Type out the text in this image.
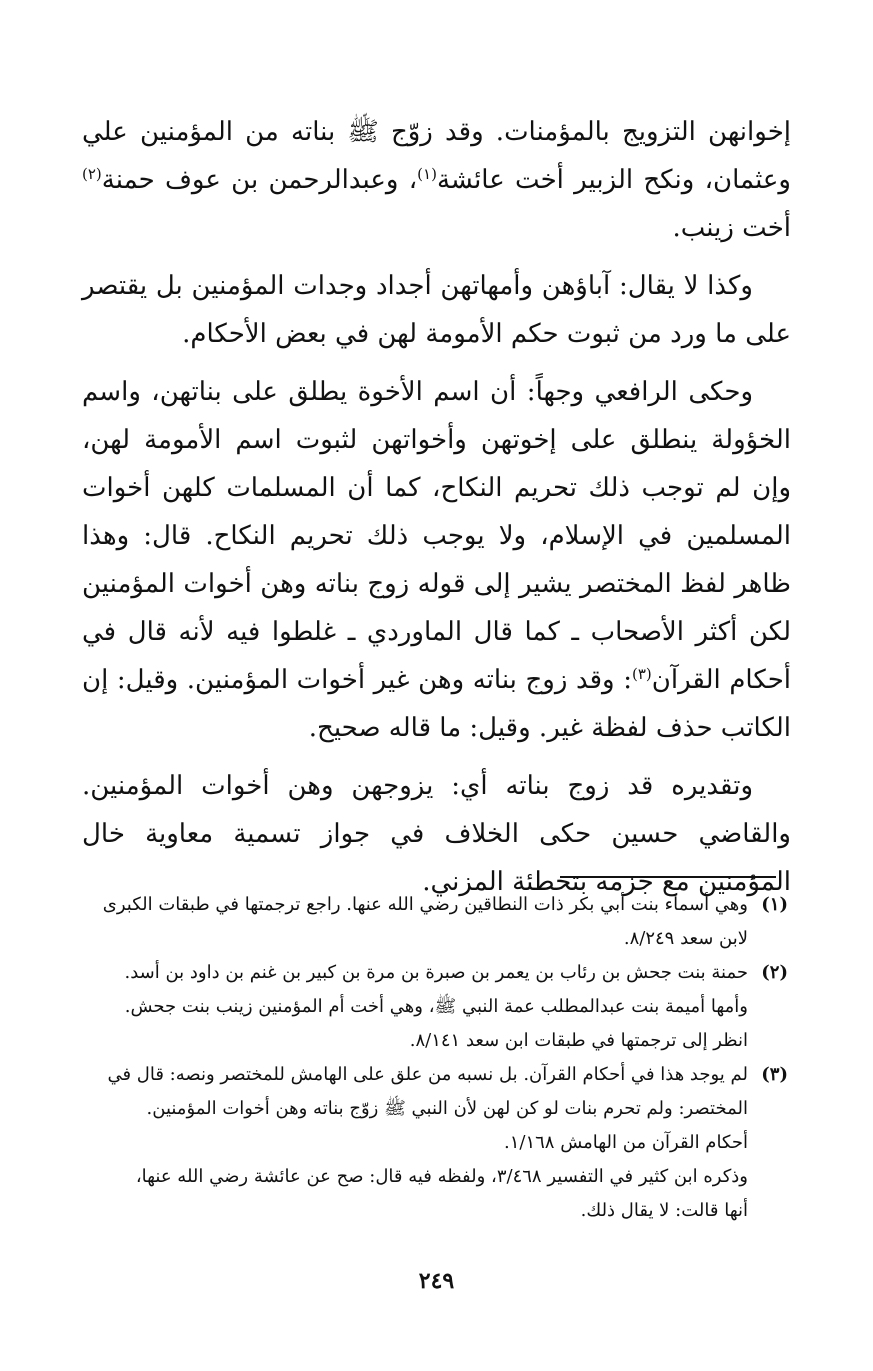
إخوانهن التزويج بالمؤمنات. وقد زوّج ﷺ بناته من المؤمنين علي وعثمان، ونكح الزبير أخت عائشة$^{(١)}$، وعبدالرحمن بن عوف حمنة$^{(٢)}$ أخت زينب.

وكذا لا يقال: آباؤهن وأمهاتهن أجداد وجدات المؤمنين بل يقتصر على ما ورد من ثبوت حكم الأمومة لهن في بعض الأحكام.

وحكى الرافعي وجهاً: أن اسم الأخوة يطلق على بناتهن، واسم الخؤولة ينطلق على إخوتهن وأخواتهن لثبوت اسم الأمومة لهن، وإن لم توجب ذلك تحريم النكاح، كما أن المسلمات كلهن أخوات المسلمين في الإسلام، ولا يوجب ذلك تحريم النكاح. قال: وهذا ظاهر لفظ المختصر يشير إلى قوله زوج بناته وهن أخوات المؤمنين لكن أكثر الأصحاب ـ كما قال الماوردي ـ غلطوا فيه لأنه قال في أحكام القرآن$^{(٣)}$: وقد زوج بناته وهن غير أخوات المؤمنين. وقيل: إن الكاتب حذف لفظة غير. وقيل: ما قاله صحيح.

وتقديره قد زوج بناته أي: يزوجهن وهن أخوات المؤمنين. والقاضي حسين حكى الخلاف في جواز تسمية معاوية خال المؤمنين مع جزمه بتخطئة المزني.

(١)
وهي أسماء بنت أبي بكر ذات النطاقين رضي الله عنها. راجع ترجمتها في طبقات الكبرى
لابن سعد ٨/٢٤٩.
(٢)
حمنة بنت جحش بن رئاب بن يعمر بن صبرة بن مرة بن كبير بن غنم بن داود بن أسد.
وأمها أميمة بنت عبدالمطلب عمة النبي ﷺ، وهي أخت أم المؤمنين زينب بنت جحش.
انظر إلى ترجمتها في طبقات ابن سعد ٨/١٤١.
(٣)
لم يوجد هذا في أحكام القرآن. بل نسبه من علق على الهامش للمختصر ونصه: قال في
المختصر: ولم تحرم بنات لو كن لهن لأن النبي ﷺ زوّج بناته وهن أخوات المؤمنين.
أحكام القرآن من الهامش ١/١٦٨.
وذكره ابن كثير في التفسير ٣/٤٦٨، ولفظه فيه قال: صح عن عائشة رضي الله عنها،
أنها قالت: لا يقال ذلك.
٢٤٩
